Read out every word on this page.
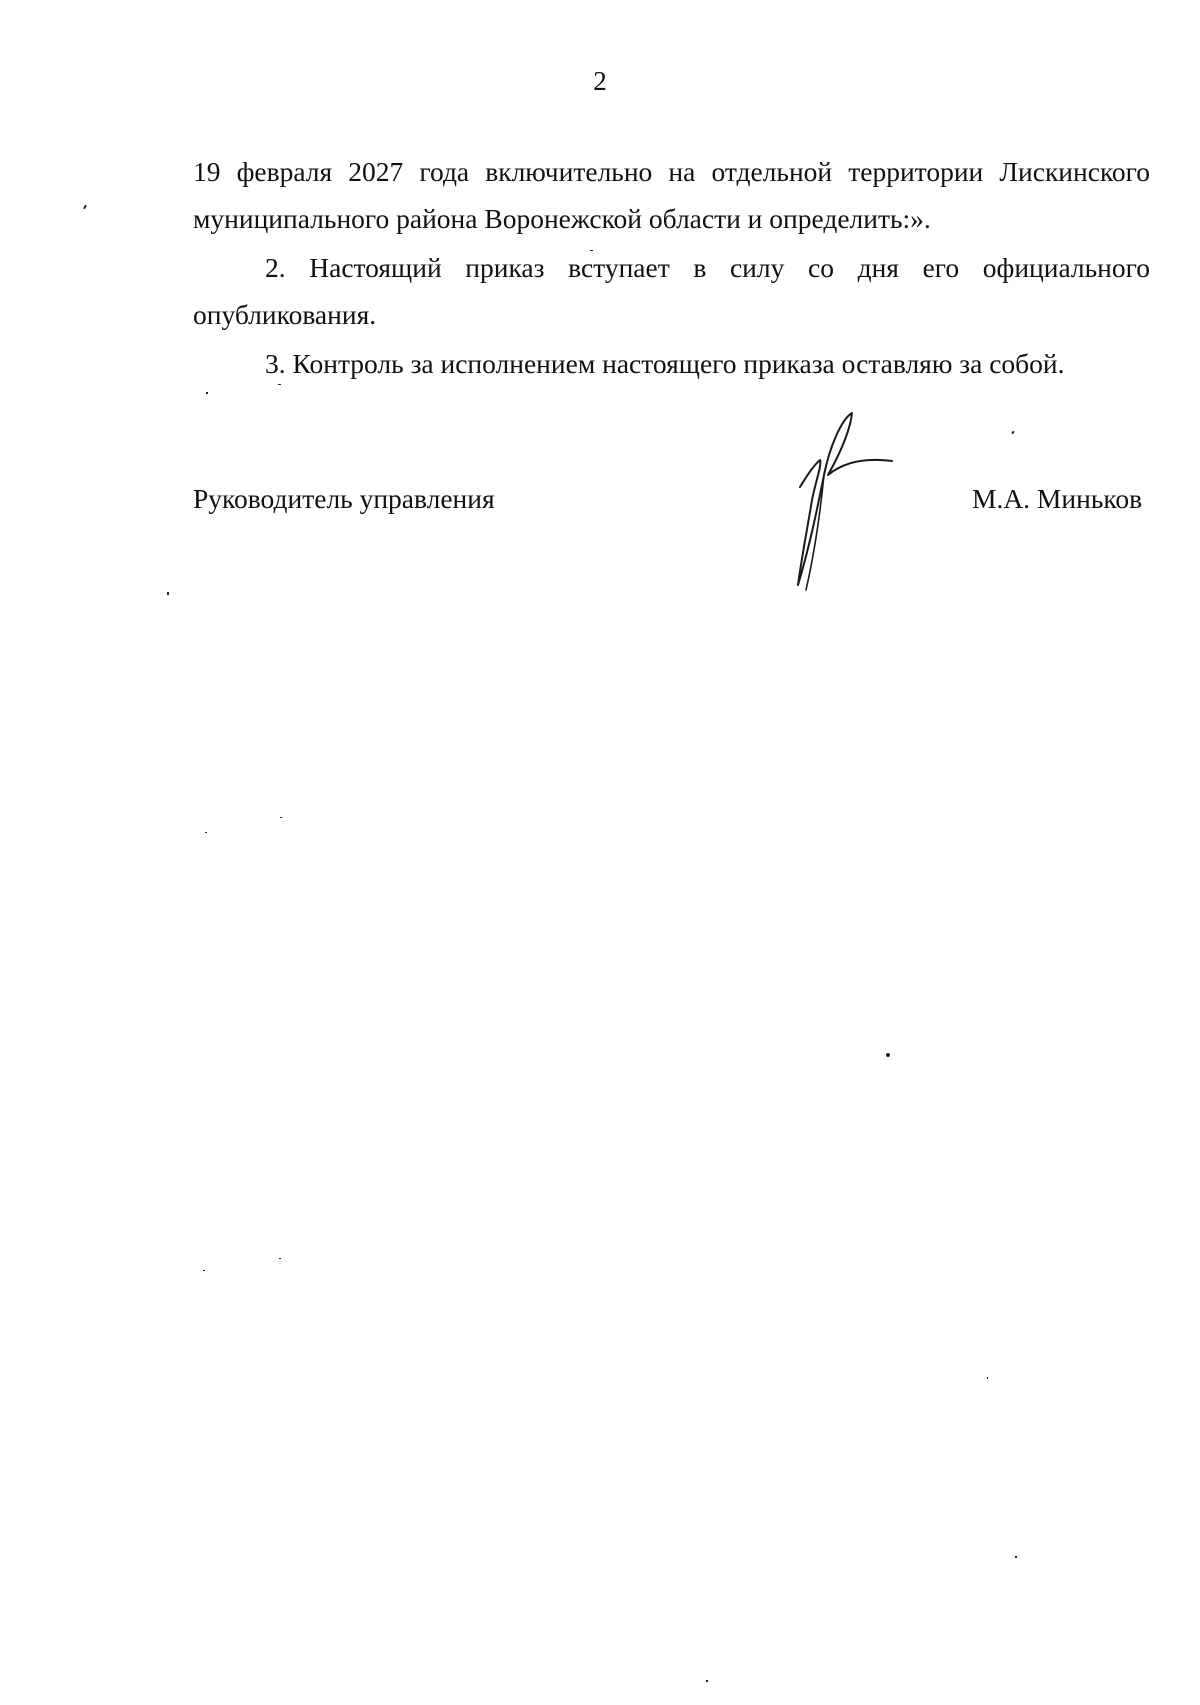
2
19 февраля 2027 года включительно на отдельной территории Лискинского
муниципального района Воронежской области и определить:».
2. Настоящий приказ вступает в силу со дня его официального
опубликования.
3. Контроль за исполнением настоящего приказа оставляю за собой.
Руководитель управления	М.А. Миньков
